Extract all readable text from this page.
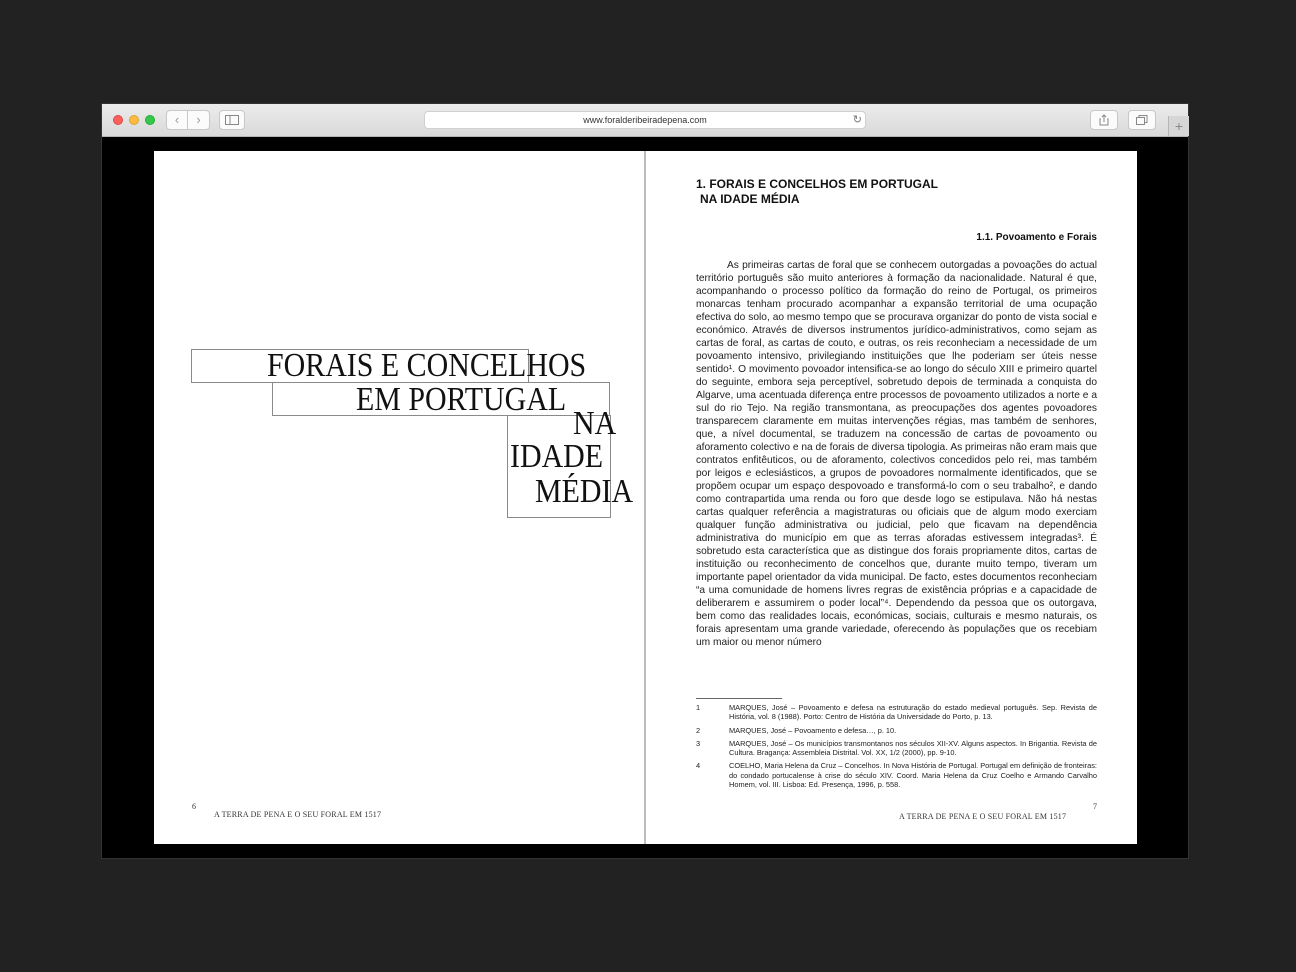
‹	›	www.foralderibeiradepena.com	↻	+
FORAIS E CONCELHOS
EM PORTUGAL
NA
IDADE
MÉDIA
6
A TERRA DE PENA E O SEU FORAL EM 1517
1. FORAIS E CONCELHOS EM PORTUGAL
NA IDADE MÉDIA
1.1. Povoamento e Forais

As primeiras cartas de foral que se conhecem outorgadas a povoações do actual território português são muito anteriores à formação da nacionalidade. Natural é que, acompanhando o processo político da formação do reino de Portugal, os primeiros monarcas tenham procurado acompanhar a expansão territorial de uma ocupação efectiva do solo, ao mesmo tempo que se procurava organizar do ponto de vista social e económico. Através de diversos instrumentos jurídico-administrativos, como sejam as cartas de foral, as cartas de couto, e outras, os reis reconheciam a necessidade de um povoamento intensivo, privilegiando instituições que lhe poderiam ser úteis nesse sentido¹. O movimento povoador intensifica-se ao longo do século XIII e primeiro quartel do seguinte, embora seja perceptível, sobretudo depois de terminada a conquista do Algarve, uma acentuada diferença entre processos de povoamento utilizados a norte e a sul do rio Tejo. Na região transmontana, as preocupações dos agentes povoadores transparecem claramente em muitas intervenções régias, mas também de senhores, que, a nível documental, se traduzem na concessão de cartas de povoamento ou aforamento colectivo e na de forais de diversa tipologia. As primeiras não eram mais que contratos enfitêuticos, ou de aforamento, colectivos concedidos pelo rei, mas também por leigos e eclesiásticos, a grupos de povoadores normalmente identificados, que se propõem ocupar um espaço despovoado e transformá-lo com o seu trabalho², e dando como contrapartida uma renda ou foro que desde logo se estipulava. Não há nestas cartas qualquer referência a magistraturas ou oficiais que de algum modo exerciam qualquer função administrativa ou judicial, pelo que ficavam na dependência administrativa do município em que as terras aforadas estivessem integradas³. É sobretudo esta característica que as distingue dos forais propriamente ditos, cartas de instituição ou reconhecimento de concelhos que, durante muito tempo, tiveram um importante papel orientador da vida municipal. De facto, estes documentos reconheciam “a uma comunidade de homens livres regras de existência próprias e a capacidade de deliberarem e assumirem o poder local”⁴. Dependendo da pessoa que os outorgava, bem como das realidades locais, económicas, sociais, culturais e mesmo naturais, os forais apresentam uma grande variedade, oferecendo às populações que os recebiam um maior ou menor número

1	MARQUES, José – Povoamento e defesa na estruturação do estado medieval português. Sep. Revista de História, vol. 8 (1988). Porto: Centro de História da Universidade do Porto, p. 13.
2	MARQUES, José – Povoamento e defesa…, p. 10.
3	MARQUES, José – Os municípios transmontanos nos séculos XII-XV. Alguns aspectos. In Brigantia. Revista de Cultura. Bragança: Assembleia Distrital. Vol. XX, 1/2 (2000), pp. 9-10.
4	COELHO, Maria Helena da Cruz – Concelhos. In Nova História de Portugal. Portugal em definição de fronteiras: do condado portucalense à crise do século XIV. Coord. Maria Helena da Cruz Coelho e Armando Carvalho Homem, vol. III. Lisboa: Ed. Presença, 1996, p. 558.
7
A TERRA DE PENA E O SEU FORAL EM 1517
